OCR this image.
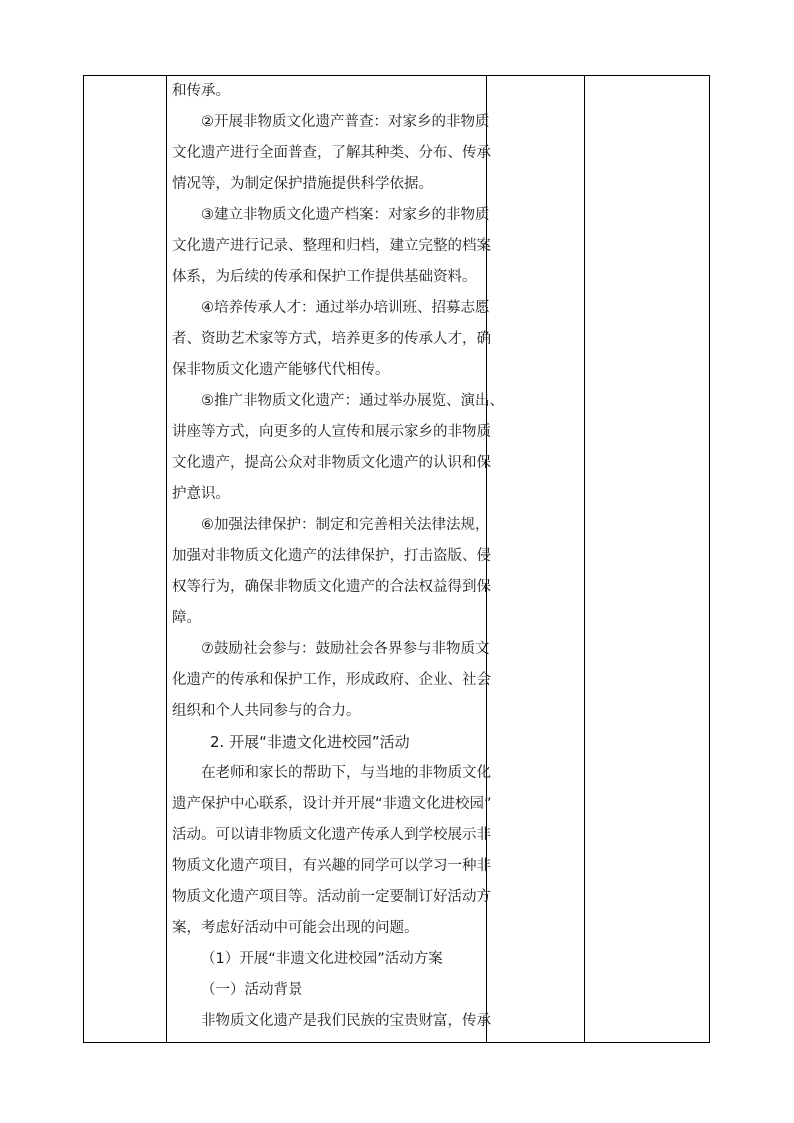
和传承。

②开展非物质文化遗产普查：对家乡的非物质

文化遗产进行全面普查，了解其种类、分布、传承

情况等，为制定保护措施提供科学依据。

③建立非物质文化遗产档案：对家乡的非物质

文化遗产进行记录、整理和归档，建立完整的档案

体系，为后续的传承和保护工作提供基础资料。

④培养传承人才：通过举办培训班、招募志愿

者、资助艺术家等方式，培养更多的传承人才，确

保非物质文化遗产能够代代相传。

⑤推广非物质文化遗产：通过举办展览、演出、

讲座等方式，向更多的人宣传和展示家乡的非物质

文化遗产，提高公众对非物质文化遗产的认识和保

护意识。

⑥加强法律保护：制定和完善相关法律法规，

加强对非物质文化遗产的法律保护，打击盗版、侵

权等行为，确保非物质文化遗产的合法权益得到保

障。

⑦鼓励社会参与：鼓励社会各界参与非物质文

化遗产的传承和保护工作，形成政府、企业、社会

组织和个人共同参与的合力。

2. 开展“非遗文化进校园”活动

在老师和家长的帮助下，与当地的非物质文化

遗产保护中心联系，设计并开展“非遗文化进校园”

活动。可以请非物质文化遗产传承人到学校展示非

物质文化遗产项目，有兴趣的同学可以学习一种非

物质文化遗产项目等。活动前一定要制订好活动方

案，考虑好活动中可能会出现的问题。

（1）开展“非遗文化进校园”活动方案

（一）活动背景

非物质文化遗产是我们民族的宝贵财富，传承
